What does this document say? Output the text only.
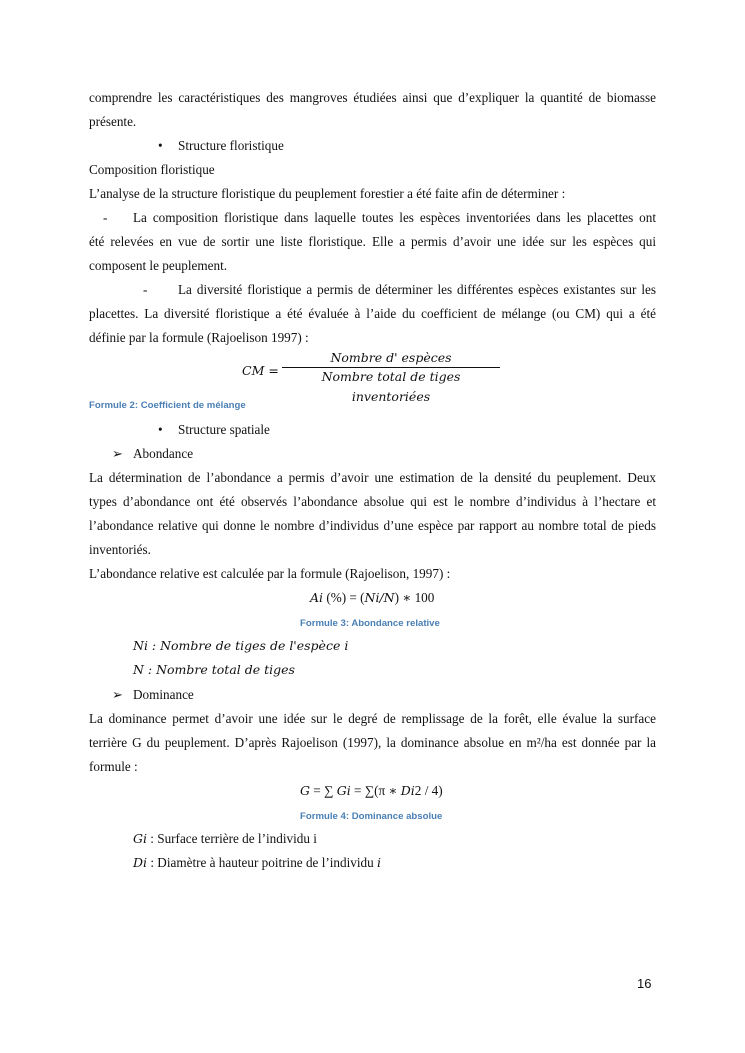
comprendre les caractéristiques des mangroves étudiées ainsi que d’expliquer la quantité de biomasse
présente.
• Structure floristique
Composition floristique
L’analyse de la structure floristique du peuplement forestier a été faite afin de déterminer :
- La composition floristique dans laquelle toutes les espèces inventoriées dans les placettes ont
été relevées en vue de sortir une liste floristique. Elle a permis d’avoir une idée sur les espèces qui
composent le peuplement.
- La diversité floristique a permis de déterminer les différentes espèces existantes sur les
placettes. La diversité floristique a été évaluée à l’aide du coefficient de mélange (ou CM) qui a été
définie par la formule (Rajoelison 1997) :
CM =
Nombre d' espèces
Nombre total de tiges inventoriées
Formule 2: Coefficient de mélange
• Structure spatiale
➢ Abondance
La détermination de l’abondance a permis d’avoir une estimation de la densité du peuplement. Deux
types d’abondance ont été observés l’abondance absolue qui est le nombre d’individus à l’hectare et
l’abondance relative qui donne le nombre d’individus d’une espèce par rapport au nombre total de pieds
inventoriés.
L’abondance relative est calculée par la formule (Rajoelison, 1997) :
Ai (%) = (Ni/N) ∗ 100
Formule 3: Abondance relative
Ni : Nombre de tiges de l'espèce i
N : Nombre total de tiges
➢ Dominance
La dominance permet d’avoir une idée sur le degré de remplissage de la forêt, elle évalue la surface
terrière G du peuplement. D’après Rajoelison (1997), la dominance absolue en m²/ha est donnée par la
formule :
G = ∑ Gi = ∑(π ∗ Di2 / 4)
Formule 4: Dominance absolue
Gi : Surface terrière de l’individu i
Di : Diamètre à hauteur poitrine de l’individu i
16
